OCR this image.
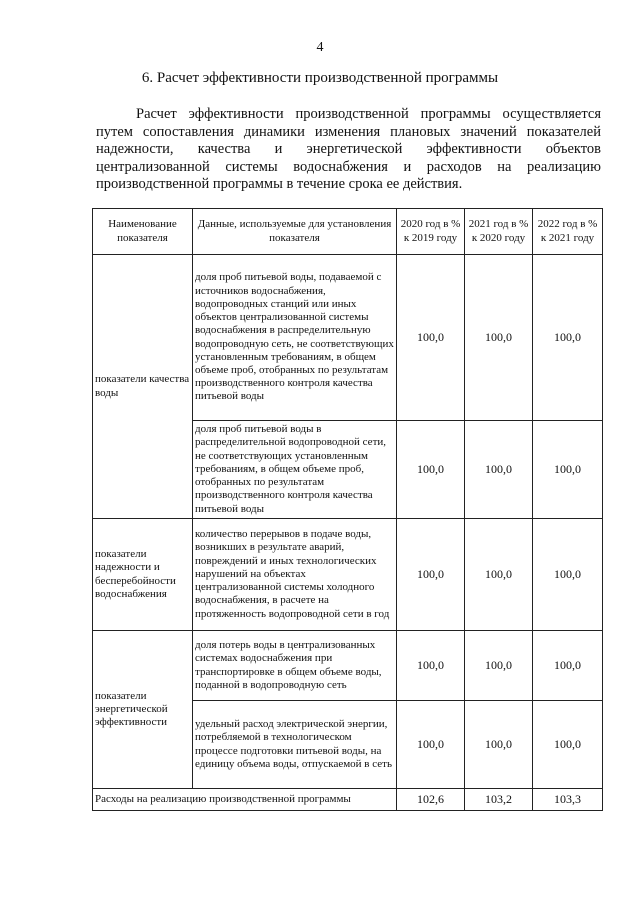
4
6. Расчет эффективности производственной программы

Расчет эффективности производственной программы осуществляется путем сопоставления динамики изменения плановых значений показателей надежности, качества и энергетической эффективности объектов централизованной системы водоснабжения и расходов на реализацию производственной программы в течение срока ее действия.

Наименование показателя	Данные, используемые для установления показателя	2020 год в % к 2019 году	2021 год в % к 2020 году	2022 год в % к 2021 году
показатели качества воды	доля проб питьевой воды, подаваемой с источников водоснабжения, водопроводных станций или иных объектов централизованной системы водоснабжения в распределительную водопроводную сеть, не соответствующих установленным требованиям, в общем объеме проб, отобранных по результатам производственного контроля качества питьевой воды	100,0	100,0	100,0
	доля проб питьевой воды в распределительной водопроводной сети, не соответствующих установленным требованиям, в общем объеме проб, отобранных по результатам производственного контроля качества питьевой воды	100,0	100,0	100,0
показатели надежности и бесперебойности водоснабжения	количество перерывов в подаче воды, возникших в результате аварий, повреждений и иных технологических нарушений на объектах централизованной системы холодного водоснабжения, в расчете на протяженность водопроводной сети в год	100,0	100,0	100,0
показатели энергетической эффективности	доля потерь воды в централизованных системах водоснабжения при транспортировке в общем объеме воды, поданной в водопроводную сеть	100,0	100,0	100,0
	удельный расход электрической энергии, потребляемой в технологическом процессе подготовки питьевой воды, на единицу объема воды, отпускаемой в сеть	100,0	100,0	100,0
Расходы на реализацию производственной программы		102,6	103,2	103,3
